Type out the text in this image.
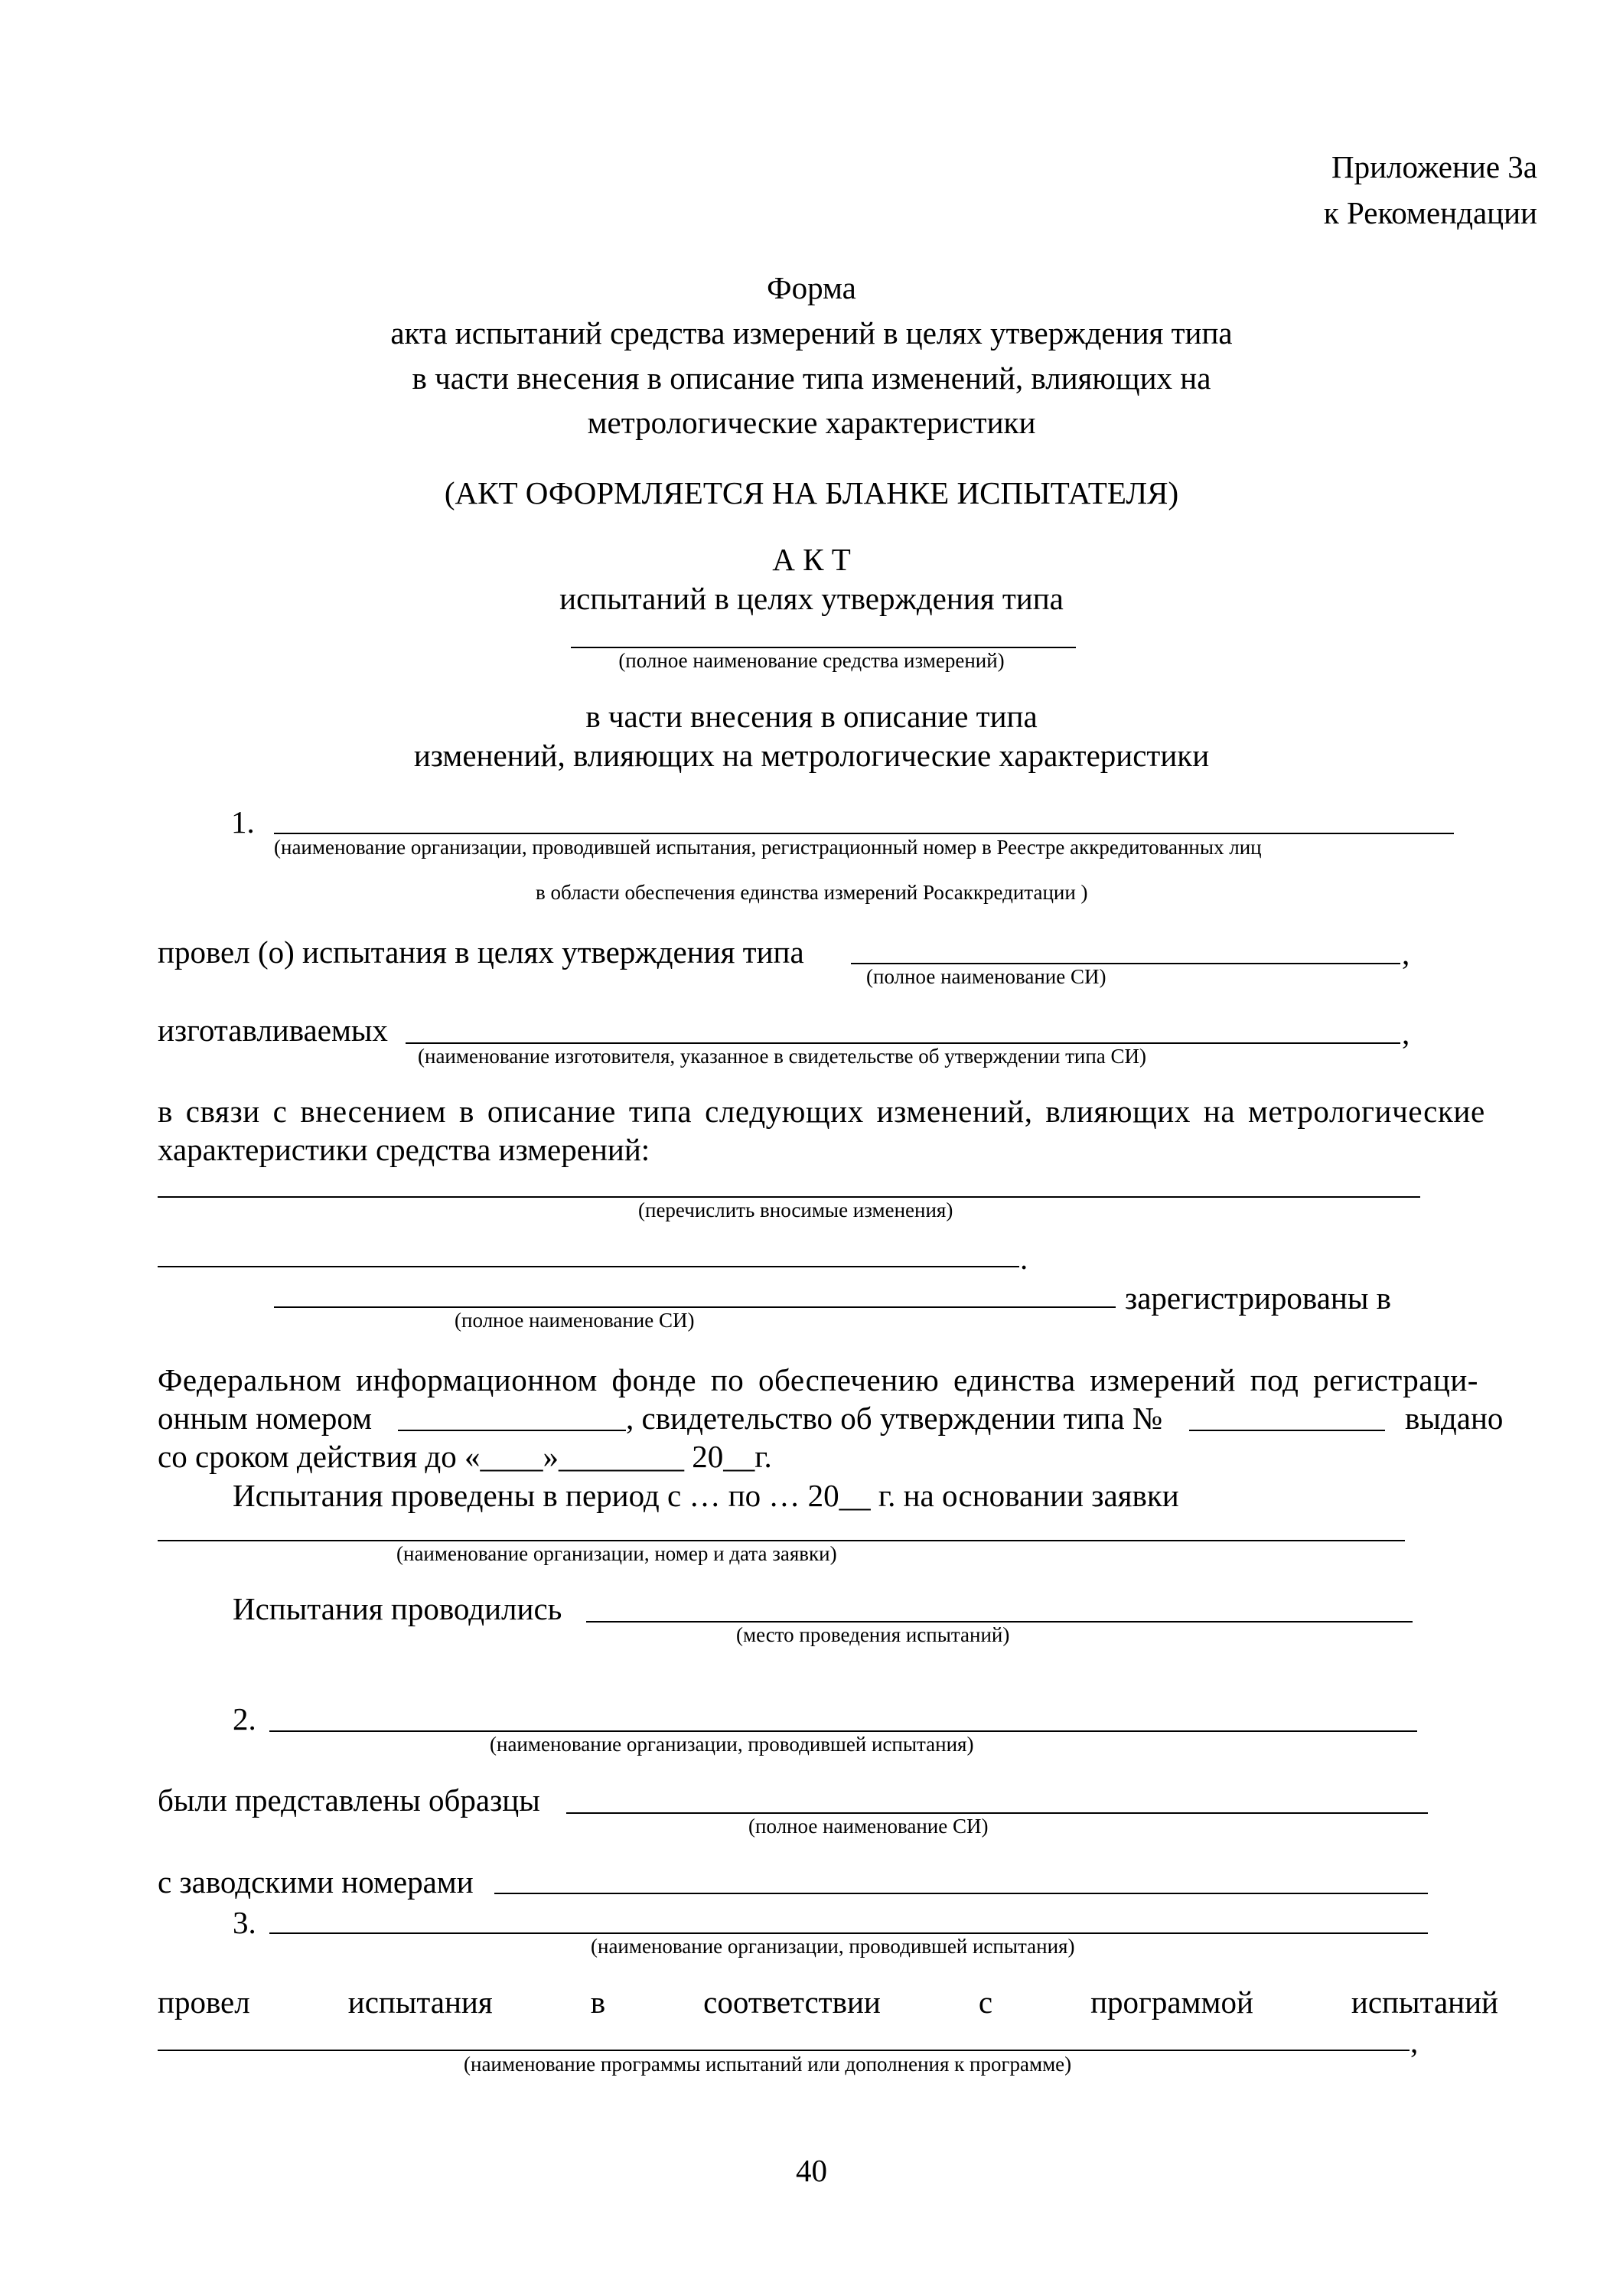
Приложение 3а
к Рекомендации
Форма
акта испытаний средства измерений в целях утверждения типа
в части внесения в описание типа изменений, влияющих на
метрологические характеристики
(АКТ ОФОРМЛЯЕТСЯ НА БЛАНКЕ ИСПЫТАТЕЛЯ)
А К Т
испытаний в целях утверждения типа
(полное наименование средства измерений)
в части внесения в описание типа
изменений, влияющих на метрологические характеристики
1.
(наименование организации, проводившей испытания, регистрационный номер в Реестре аккредитованных лиц
в области обеспечения единства измерений Росаккредитации )
провел (о) испытания в целях утверждения типа	,
(полное наименование СИ)
изготавливаемых	,
(наименование изготовителя, указанное в свидетельстве об утверждении типа СИ)
в связи с внесением в описание типа следующих изменений, влияющих на метрологические
характеристики средства измерений:
(перечислить вносимые изменения)
.
зарегистрированы в
(полное наименование СИ)
Федеральном информационном фонде по обеспечению единства измерений под регистраци-
онным номером	, свидетельство об утверждении типа №	выдано
со сроком действия до «____»________ 20__г.
Испытания проведены в период с … по … 20__ г. на основании заявки
(наименование организации, номер и дата заявки)
Испытания проводились
(место проведения испытаний)
2.
(наименование организации, проводившей испытания)
были представлены образцы
(полное наименование СИ)
с заводскими номерами
3.
(наименование организации, проводившей испытания)
провел	испытания	в	соответствии	с	программой	испытаний
,
(наименование программы испытаний или дополнения к программе)
40
